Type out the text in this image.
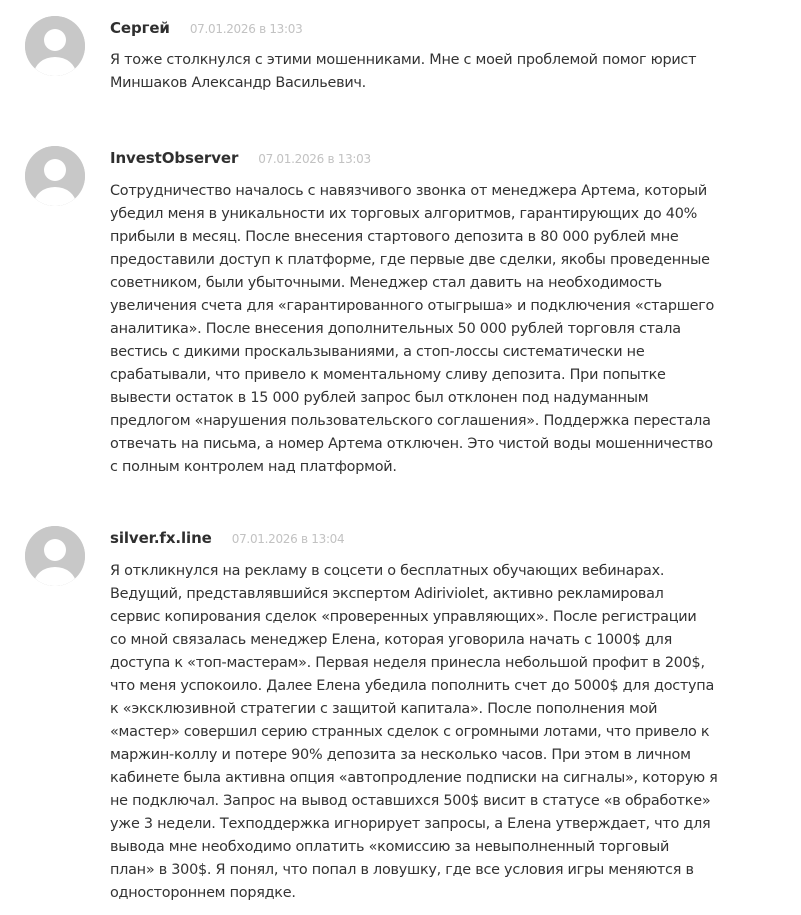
Сергей 07.01.2026 в 13:03

Я тоже столкнулся с этими мошенниками. Мне с моей проблемой помог юрист
Миншаков Александр Васильевич.

InvestObserver 07.01.2026 в 13:03

Сотрудничество началось с навязчивого звонка от менеджера Артема, который
убедил меня в уникальности их торговых алгоритмов, гарантирующих до 40%
прибыли в месяц. После внесения стартового депозита в 80 000 рублей мне
предоставили доступ к платформе, где первые две сделки, якобы проведенные
советником, были убыточными. Менеджер стал давить на необходимость
увеличения счета для «гарантированного отыгрыша» и подключения «старшего
аналитика». После внесения дополнительных 50 000 рублей торговля стала
вестись с дикими проскальзываниями, а стоп-лоссы систематически не
срабатывали, что привело к моментальному сливу депозита. При попытке
вывести остаток в 15 000 рублей запрос был отклонен под надуманным
предлогом «нарушения пользовательского соглашения». Поддержка перестала
отвечать на письма, а номер Артема отключен. Это чистой воды мошенничество
с полным контролем над платформой.

silver.fx.line 07.01.2026 в 13:04

Я откликнулся на рекламу в соцсети о бесплатных обучающих вебинарах.
Ведущий, представлявшийся экспертом Adiriviolet, активно рекламировал
сервис копирования сделок «проверенных управляющих». После регистрации
со мной связалась менеджер Елена, которая уговорила начать с 1000$ для
доступа к «топ-мастерам». Первая неделя принесла небольшой профит в 200$,
что меня успокоило. Далее Елена убедила пополнить счет до 5000$ для доступа
к «эксклюзивной стратегии с защитой капитала». После пополнения мой
«мастер» совершил серию странных сделок с огромными лотами, что привело к
маржин-коллу и потере 90% депозита за несколько часов. При этом в личном
кабинете была активна опция «автопродление подписки на сигналы», которую я
не подключал. Запрос на вывод оставшихся 500$ висит в статусе «в обработке»
уже 3 недели. Техподдержка игнорирует запросы, а Елена утверждает, что для
вывода мне необходимо оплатить «комиссию за невыполненный торговый
план» в 300$. Я понял, что попал в ловушку, где все условия игры меняются в
одностороннем порядке.
